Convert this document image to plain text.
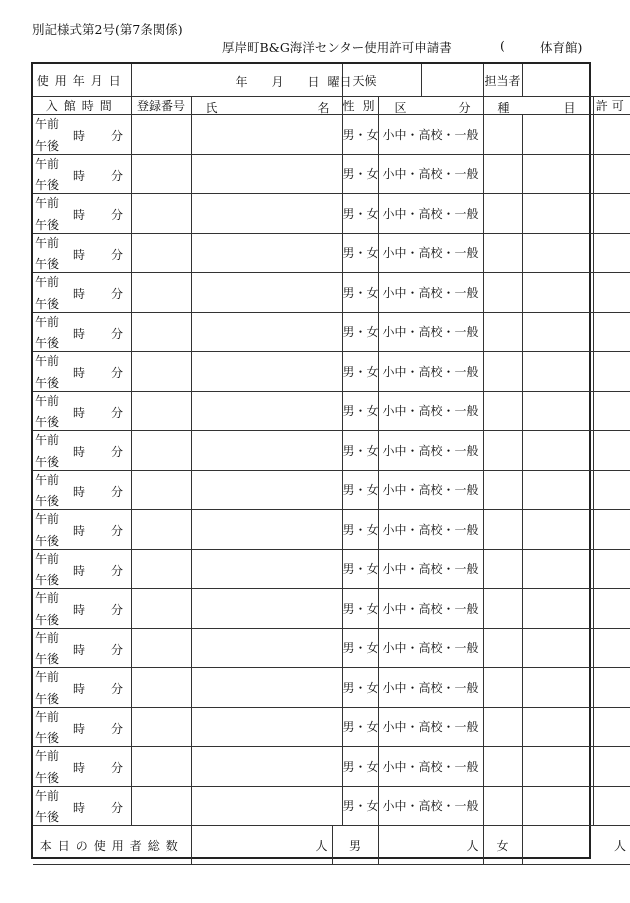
別記様式第2号(第7条関係)
厚岸町B&G海洋センター使用許可申請書	(	体育館)
使用年月日	年 月 日 曜日			天候			担当者		
入館時間	登録番号	氏 名		性別	区 分		種 目		許可

午前
時 分
午後				男・女	小中・高校・一般				

午前
時 分
午後				男・女	小中・高校・一般				

午前
時 分
午後				男・女	小中・高校・一般				

午前
時 分
午後				男・女	小中・高校・一般				

午前
時 分
午後				男・女	小中・高校・一般				

午前
時 分
午後				男・女	小中・高校・一般				

午前
時 分
午後				男・女	小中・高校・一般				

午前
時 分
午後				男・女	小中・高校・一般				

午前
時 分
午後				男・女	小中・高校・一般				

午前
時 分
午後				男・女	小中・高校・一般				

午前
時 分
午後				男・女	小中・高校・一般				

午前
時 分
午後				男・女	小中・高校・一般				

午前
時 分
午後				男・女	小中・高校・一般				

午前
時 分
午後				男・女	小中・高校・一般				

午前
時 分
午後				男・女	小中・高校・一般				

午前
時 分
午後				男・女	小中・高校・一般				

午前
時 分
午後				男・女	小中・高校・一般				

午前
時 分
午後				男・女	小中・高校・一般				
本日の使用者総数		人	男		人		女	人	
